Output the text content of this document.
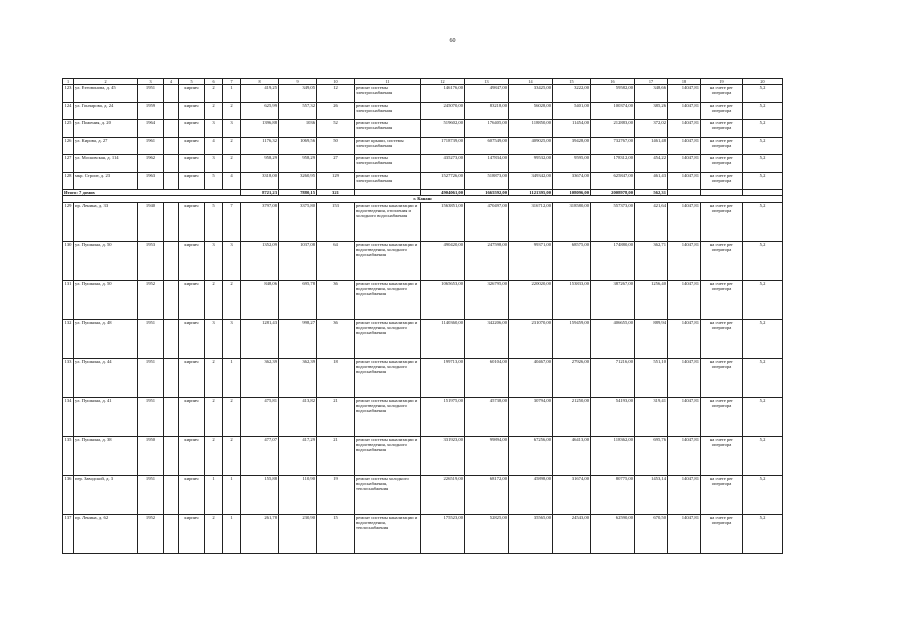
60
1	2	3	4	5	6	7	8	9	10	11	12	13	14	15	16	17	18	19	20
123	ул. Етеовонова, д. 45	1951		кирпич	2	1	419,25	349,05	12	ремонт системы электроснабжения	146176,00	49847,00	33425,00	3222,00	59582,00	348,66	14047,81	на счете рег оператора	5,2
124	ул. Гончарова, д. 24	1959		кирпич	2	2	625,99	557,32	26	ремонт системы электроснабжения	245070,00	83218,00	56028,00	5401,00	100374,00	385,26	14047,81	на счете рег оператора	5,2
125	ул. Пожения, д. 20	1964		кирпич	3	3	1396,88	1036	52	ремонт системы электроснабжения	519602,00	176405,00	118850,00	11454,00	212883,00	372,02	14047,81	на счете рег оператора	5,2
126	ул. Кирова, д. 27	1961		кирпич	4	2	1176,32	1069,56	50	ремонт крыши, системы электроснабжения	1718739,00	607549,00	409025,00	39428,00	732767,00	1461,48	14047,81	на счете рег оператора	5,2
127	ул. Московская, д. 114	1962		кирпич	3	2	958,29	958,29	27	ремонт системы электроснабжения	435273,00	147834,00	99532,00	9595,00	178312,00	454,22	14047,81	на счете рег оператора	5,2
128	мкр. Строит, д. 23	1963		кирпич	5	4	3318,00	3260,95	129	ремонт системы электроснабжения	1527726,00	518873,00	349342,00	33674,00	625847,00	461,43	14047,81	на счете рег оператора	5,2
Итого: 7 домов							8721,23	7880,15	321		4904061,00	1665592,00	1121395,00	108096,00	2008978,00	562,31			
г. Канаш																			
129	пр. Ленина, д. 33	1940		кирпич	5	7	3797,08	3375,80	153	ремонт системы канализации и водоотведения, отопления и холодного водоснабжения	1563851,00	470497,00	316712,00	318580,00	557373,00	421,64	14047,81	на счете рег оператора	5,2
130	ул. Пушкина, д. 50	1953		кирпич	3	3	1352,09	1037,08	64	ремонт системы канализации и водоотведения, холодного водоснабжения	490420,00	247598,00	99371,00	68575,00	174880,00	362,71	14047,81	на счете рег оператора	5,2
131	ул. Пушкина, д. 50	1952		кирпич	2	2	848,06	695,78	36	ремонт системы канализации и водоотведения, холодного водоснабжения	1065653,00	326795,00	220020,00	153833,00	387267,00	1256,40	14047,81	на счете рег оператора	5,2
132	ул. Пушкина, д. 48	1951		кирпич	3	3	1281,43	998,27	36	ремонт системы канализации и водоотведения, холодного водоснабжения	1140360,00	342206,00	231070,00	159459,00	406655,00	889,94	14047,81	на счете рег оператора	5,2
133	ул. Пушкина, д. 44	1951		кирпич	2	1	362,39	362,39	18	ремонт системы канализации и водоотведения, холодного водоснабжения	199713,00	60104,00	40467,00	27926,00	71216,00	551,10	14047,81	на счете рег оператора	5,2
134	ул. Пушкина, д. 41	1951		кирпич	2	2	475,81	413,82	21	ремонт системы канализации и водоотведения, холодного водоснабжения	151975,00	45738,00	30794,00	21250,00	54193,00	319,41	14047,81	на счете рег оператора	5,2
135	ул. Пушкина, д. 38	1950		кирпич	2	2	477,07	417,29	21	ремонт системы канализации и водоотведения, холодного водоснабжения	331923,00	99894,00	67256,00	46413,00	118362,00	695,76	14047,81	на счете рег оператора	5,2
136	пер. Заводской, д. 3	1951		кирпич	1	1	155,88	110,90	19	ремонт системы холодного водоснабжения, теплоснабжения	226519,00	68172,00	45898,00	31674,00	80775,00	1453,14	14047,81	на счете рег оператора	5,2
137	пр. Ленина, д. 62	1952		кирпич	2	1	261,78	230,90	15	ремонт системы канализации и водоотведения, теплоснабжения	175523,00	52825,00	35565,00	24543,00	62590,00	670,50	14047,81	на счете рег оператора	5,2
